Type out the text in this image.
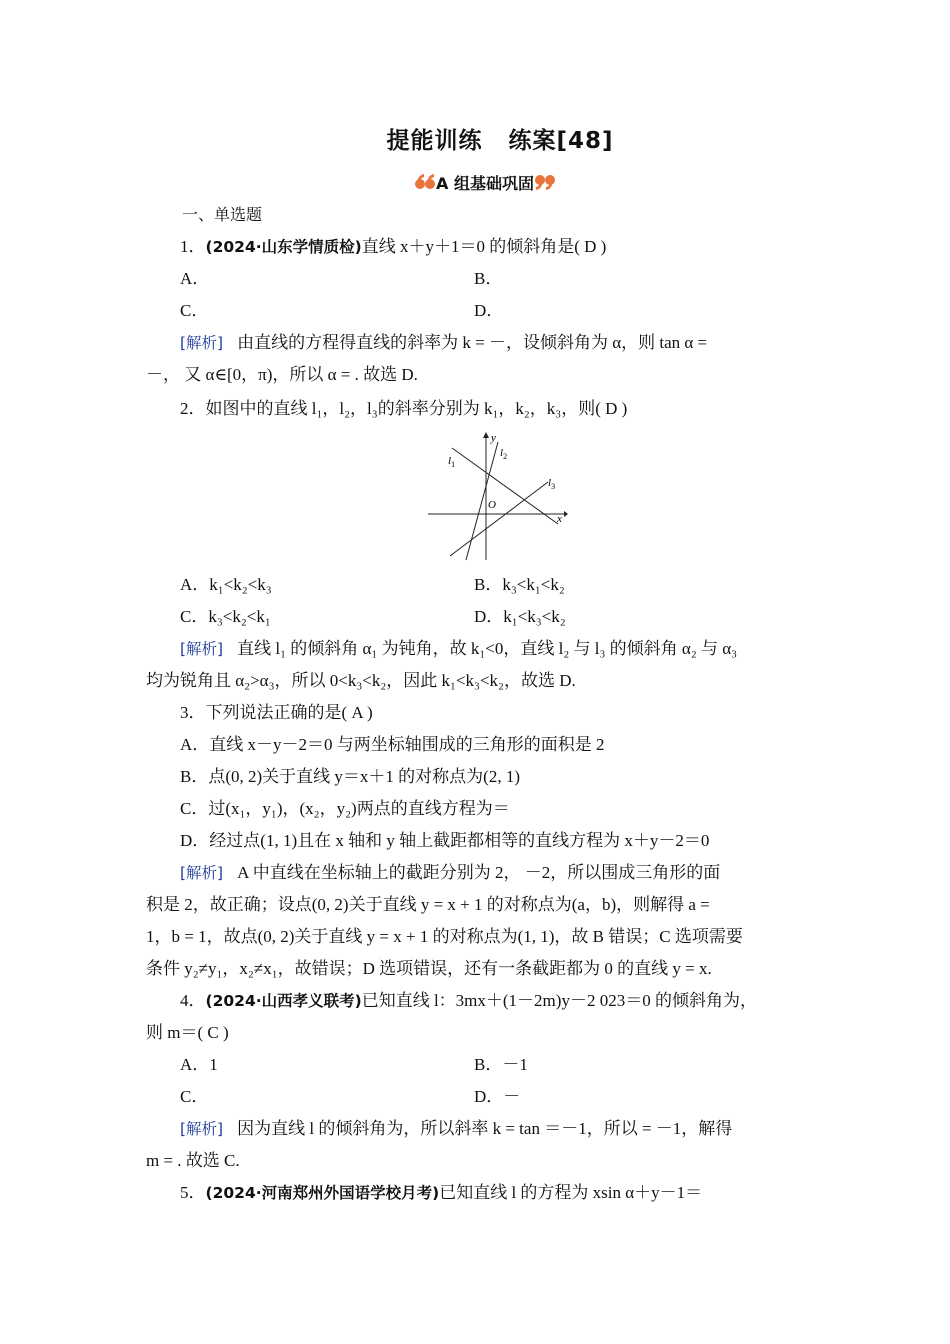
提能训练 练案[48]
A 组基础巩固
一、单选题
1．(2024·山东学情质检)直线 x＋y＋1＝0 的倾斜角是( D )
A．	B．
C．	D．
[解析] 由直线的方程得直线的斜率为 k = －，设倾斜角为 α，则 tan α =
－， 又 α∈[0，π)，所以 α = . 故选 D.
2．如图中的直线 l₁，l₂，l₃的斜率分别为 k₁，k₂，k₃，则( D )
y
x
O
$l_1$
$l_2$
$l_3$
A．k₁<k₂<k₃	B．k₃<k₁<k₂
C．k₃<k₂<k₁	D．k₁<k₃<k₂
[解析] 直线 l₁ 的倾斜角 α₁ 为钝角，故 k₁<0，直线 l₂ 与 l₃ 的倾斜角 α₂ 与 α₃
均为锐角且 α₂>α₃，所以 0<k₃<k₂，因此 k₁<k₃<k₂，故选 D.
3．下列说法正确的是( A )
A．直线 x－y－2＝0 与两坐标轴围成的三角形的面积是 2
B．点(0, 2)关于直线 y＝x＋1 的对称点为(2, 1)
C．过(x₁，y₁)，(x₂，y₂)两点的直线方程为＝
D．经过点(1, 1)且在 x 轴和 y 轴上截距都相等的直线方程为 x＋y－2＝0
[解析] A 中直线在坐标轴上的截距分别为 2， －2，所以围成三角形的面
积是 2，故正确；设点(0, 2)关于直线 y = x + 1 的对称点为(a，b)，则解得 a =
1，b = 1，故点(0, 2)关于直线 y = x + 1 的对称点为(1, 1)，故 B 错误；C 选项需要
条件 y₂≠y₁，x₂≠x₁，故错误；D 选项错误，还有一条截距都为 0 的直线 y = x.
4．(2024·山西孝义联考)已知直线 l：3mx＋(1－2m)y－2 023＝0 的倾斜角为，
则 m＝( C )
A．1	B．－1
C．	D．－
[解析] 因为直线 l 的倾斜角为，所以斜率 k = tan ＝－1，所以 = －1，解得
m = . 故选 C.
5．(2024·河南郑州外国语学校月考)已知直线 l 的方程为 xsin α＋y－1＝
